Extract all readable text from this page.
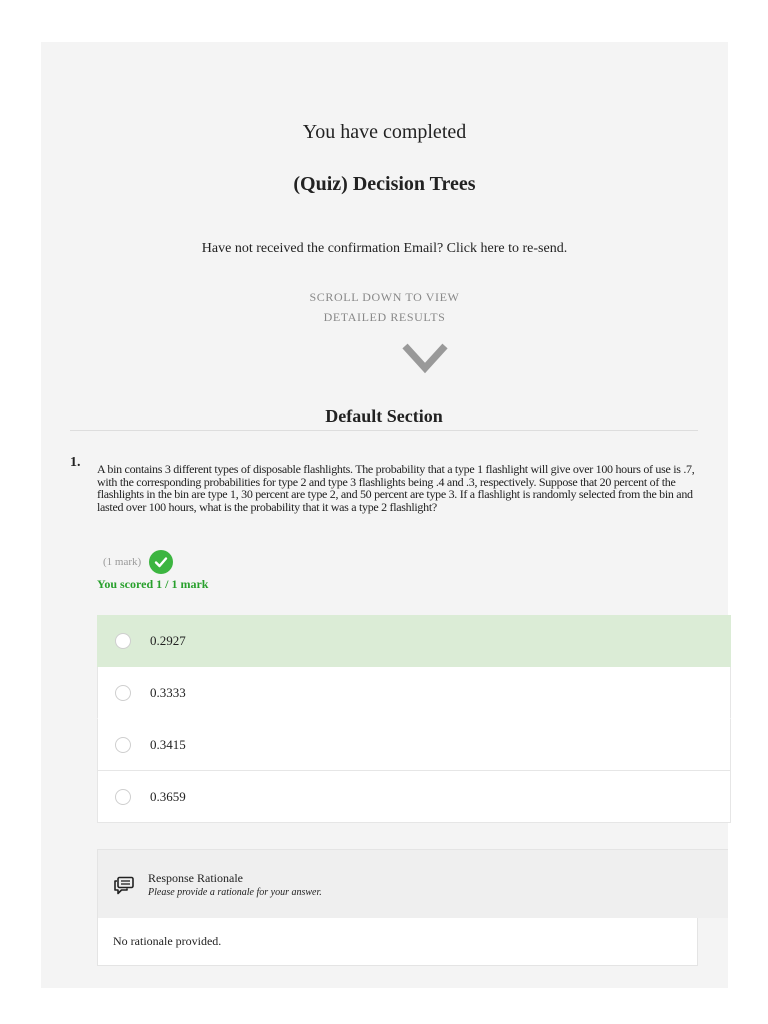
You have completed
(Quiz) Decision Trees
Have not received the confirmation Email? Click here to re-send.
SCROLL DOWN TO VIEW
DETAILED RESULTS
Default Section
1. A bin contains 3 different types of disposable flashlights. The probability that a type 1 flashlight will give over 100 hours of use is .7, with the corresponding probabilities for type 2 and type 3 flashlights being .4 and .3, respectively. Suppose that 20 percent of the flashlights in the bin are type 1, 30 percent are type 2, and 50 percent are type 3. If a flashlight is randomly selected from the bin and lasted over 100 hours, what is the probability that it was a type 2 flashlight?
(1 mark)
You scored 1 / 1 mark
0.2927
0.3333
0.3415
0.3659
Response Rationale
Please provide a rationale for your answer.
No rationale provided.
